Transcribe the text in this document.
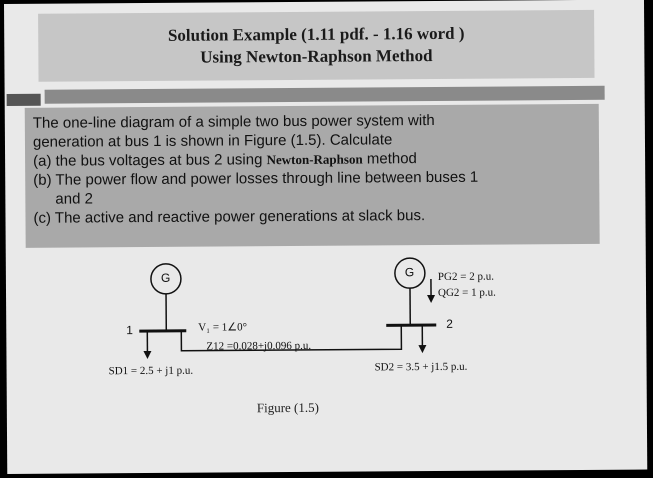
Solution Example (1.11 pdf. - 1.16 word )
Using Newton-Raphson Method
The one-line diagram of a simple two bus power system with
generation at bus 1 is shown in Figure (1.5). Calculate
(a) the bus voltages at bus 2 using Newton-Raphson method
(b) The power flow and power losses through line between buses 1
and 2
(c) The active and reactive power generations at slack bus.
G	G
1	2
V₁ = 1∠0°
Z12 =0.028+j0.096 p.u.
SD1 = 2.5 + j1 p.u.	SD2 = 3.5 + j1.5 p.u.
PG2 = 2 p.u.
QG2 = 1 p.u.
Figure (1.5)
